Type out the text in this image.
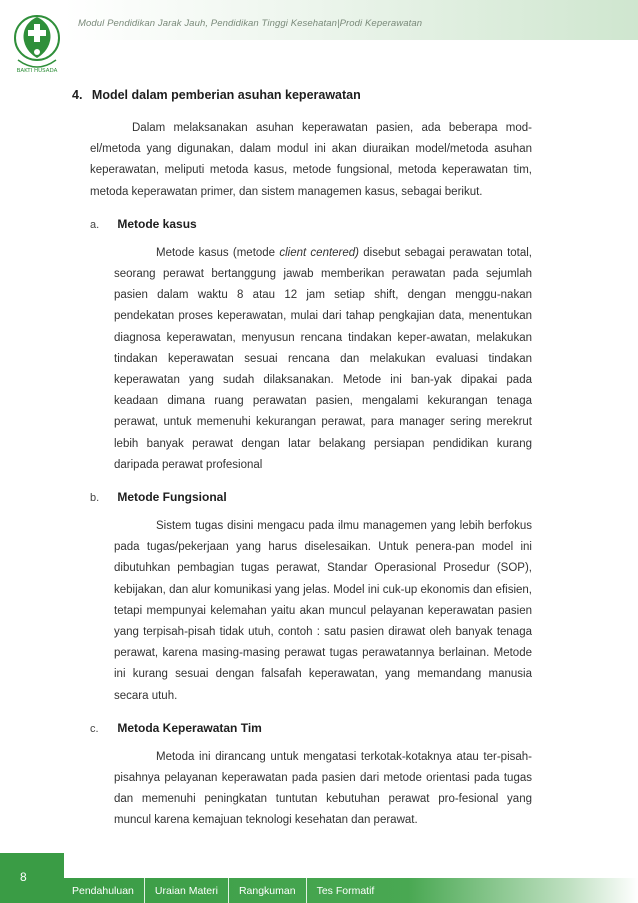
BAKTI HUSADA
Modul Pendidikan Jarak Jauh, Pendidikan Tinggi Kesehatan|Prodi Keperawatan
4. Model dalam pemberian asuhan keperawatan

Dalam melaksanakan asuhan keperawatan pasien, ada beberapa mod-el/metoda yang digunakan, dalam modul ini akan diuraikan model/metoda asuhan keperawatan, meliputi metoda kasus, metode fungsional, metoda keperawatan tim, metoda keperawatan primer, dan sistem managemen kasus, sebagai berikut.

a. Metode kasus

Metode kasus (metode client centered) disebut sebagai perawatan total, seorang perawat bertanggung jawab memberikan perawatan pada sejumlah pasien dalam waktu 8 atau 12 jam setiap shift, dengan menggu-nakan pendekatan proses keperawatan, mulai dari tahap pengkajian data, menentukan diagnosa keperawatan, menyusun rencana tindakan keper-awatan, melakukan tindakan keperawatan sesuai rencana dan melakukan evaluasi tindakan keperawatan yang sudah dilaksanakan. Metode ini ban-yak dipakai pada keadaan dimana ruang perawatan pasien, mengalami kekurangan tenaga perawat, untuk memenuhi kekurangan perawat, para manager sering merekrut lebih banyak perawat dengan latar belakang persiapan pendidikan kurang daripada perawat profesional

b. Metode Fungsional

Sistem tugas disini mengacu pada ilmu managemen yang lebih berfokus pada tugas/pekerjaan yang harus diselesaikan. Untuk penera-pan model ini dibutuhkan pembagian tugas perawat, Standar Operasional Prosedur (SOP), kebijakan, dan alur komunikasi yang jelas. Model ini cuk-up ekonomis dan efisien, tetapi mempunyai kelemahan yaitu akan muncul pelayanan keperawatan pasien yang terpisah-pisah tidak utuh, contoh : satu pasien dirawat oleh banyak tenaga perawat, karena masing-masing perawat tugas perawatannya berlainan. Metode ini kurang sesuai dengan falsafah keperawatan, yang memandang manusia secara utuh.

c. Metoda Keperawatan Tim

Metoda ini dirancang untuk mengatasi terkotak-kotaknya atau ter-pisah-pisahnya pelayanan keperawatan pada pasien dari metode orientasi pada tugas dan memenuhi peningkatan tuntutan kebutuhan perawat pro-fesional yang muncul karena kemajuan teknologi kesehatan dan perawat.

8
Pendahuluan	Uraian Materi	Rangkuman	Tes Formatif
